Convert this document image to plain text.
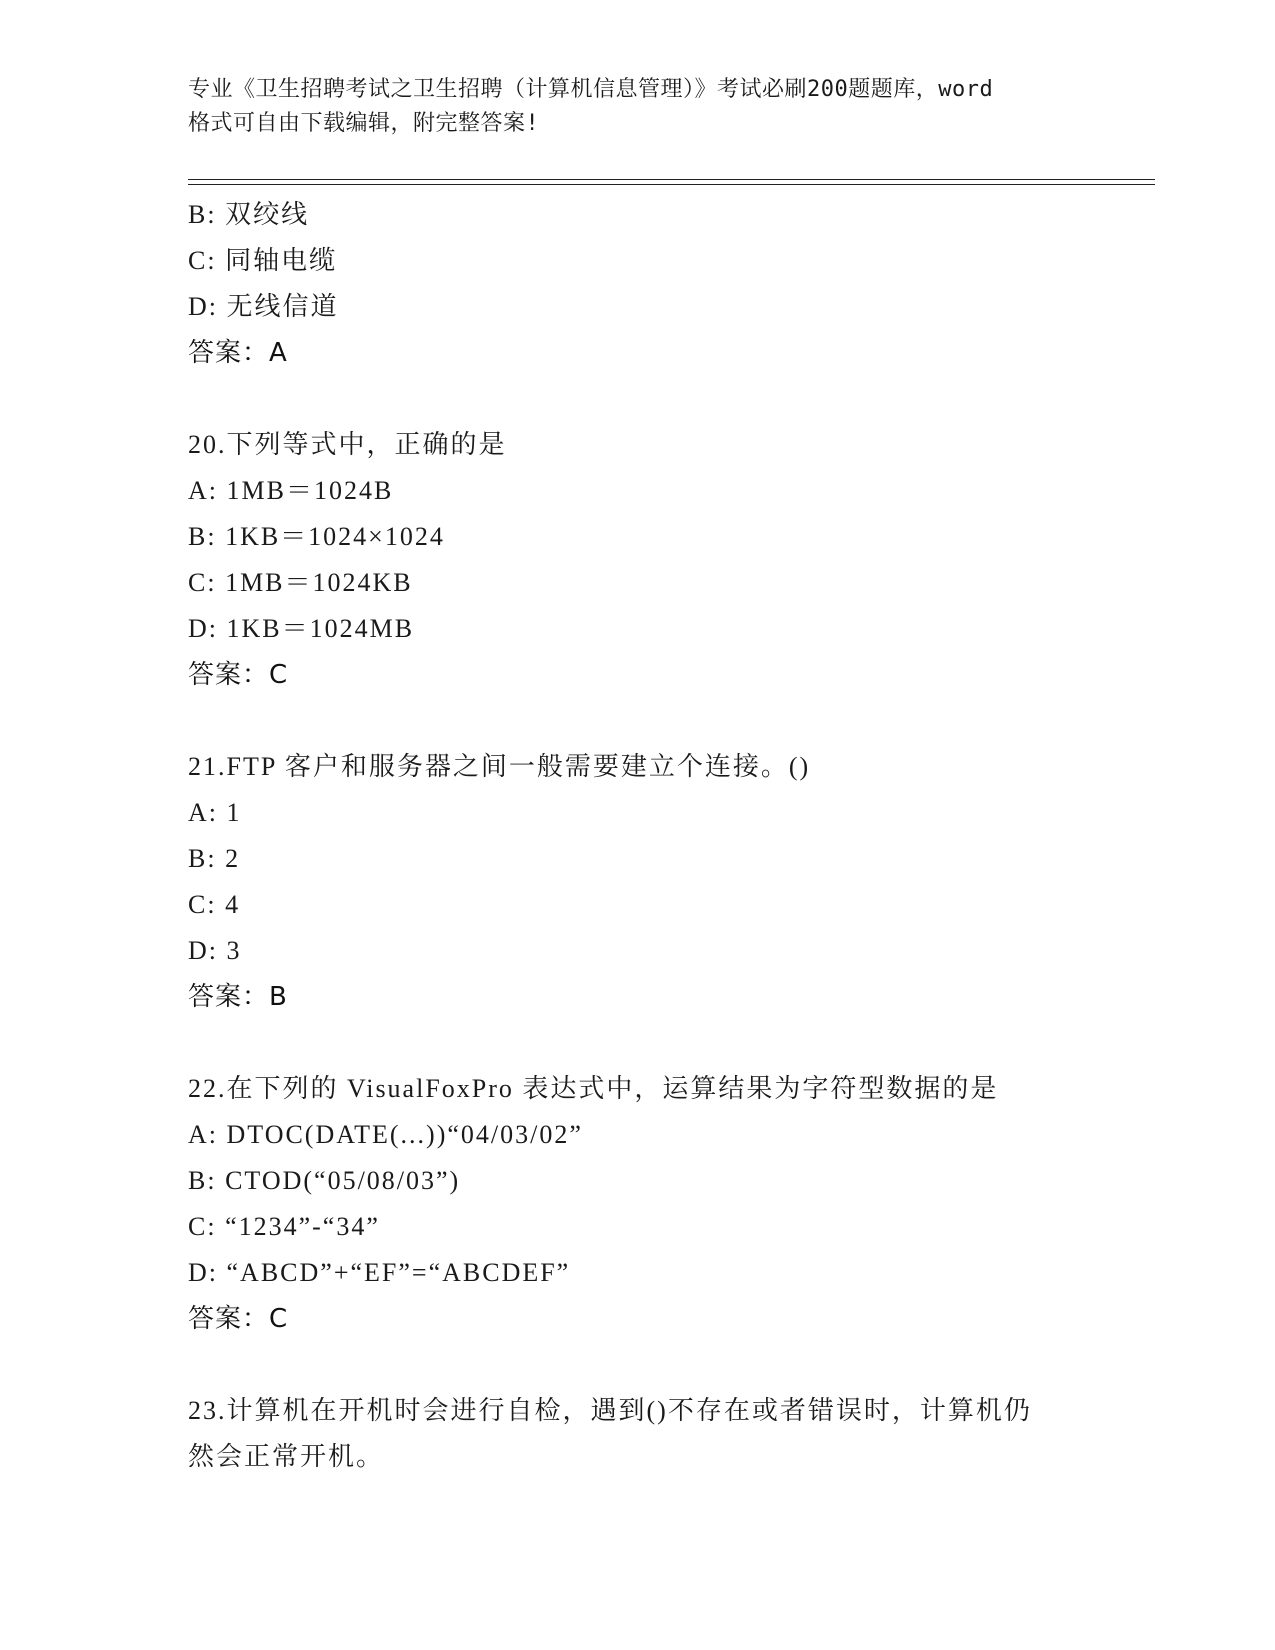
专业《卫生招聘考试之卫生招聘（计算机信息管理）》考试必刷200题题库，word
格式可自由下载编辑，附完整答案!
B: 双绞线
C: 同轴电缆
D: 无线信道
答案：A
20.下列等式中，正确的是
A: 1MB＝1024B
B: 1KB＝1024×1024
C: 1MB＝1024KB
D: 1KB＝1024MB
答案：C
21.FTP 客户和服务器之间一般需要建立个连接。()
A: 1
B: 2
C: 4
D: 3
答案：B
22.在下列的 VisualFoxPro 表达式中，运算结果为字符型数据的是
A: DTOC(DATE(...))“04/03/02”
B: CTOD(“05/08/03”)
C: “1234”-“34”
D: “ABCD”+“EF”=“ABCDEF”
答案：C
23.计算机在开机时会进行自检，遇到()不存在或者错误时，计算机仍
然会正常开机。
